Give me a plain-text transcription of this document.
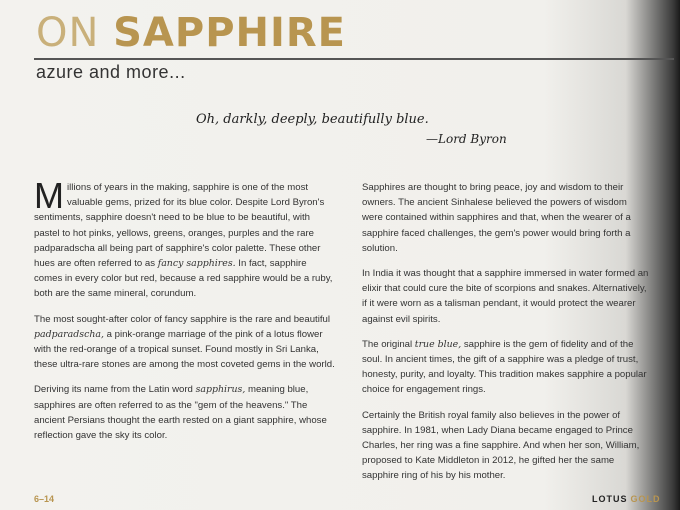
ON SAPPHIRE
azure and more...
Oh, darkly, deeply, beautifully blue.
—Lord Byron

Millions of years in the making, sapphire is one of the most valuable gems, prized for its blue color. Despite Lord Byron's sentiments, sapphire doesn't need to be blue to be beautiful, with pastel to hot pinks, yellows, greens, oranges, purples and the rare padparadscha all being part of sapphire's color palette. These other hues are often referred to as fancy sapphires. In fact, sapphire comes in every color but red, because a red sapphire would be a ruby, both are the same mineral, corundum.

The most sought-after color of fancy sapphire is the rare and beautiful padparadscha, a pink-orange marriage of the pink of a lotus flower with the red-orange of a tropical sunset. Found mostly in Sri Lanka, these ultra-rare stones are among the most coveted gems in the world.

Deriving its name from the Latin word sapphirus, meaning blue, sapphires are often referred to as the "gem of the heavens." The ancient Persians thought the earth rested on a giant sapphire, whose reflection gave the sky its color.

Sapphires are thought to bring peace, joy and wisdom to their owners. The ancient Sinhalese believed the powers of wisdom were contained within sapphires and that, when the wearer of a sapphire faced challenges, the gem's power would bring forth a solution.

In India it was thought that a sapphire immersed in water formed an elixir that could cure the bite of scorpions and snakes. Alternatively, if it were worn as a talisman pendant, it would protect the wearer against evil spirits.

The original true blue, sapphire is the gem of fidelity and of the soul. In ancient times, the gift of a sapphire was a pledge of trust, honesty, purity, and loyalty. This tradition makes sapphire a popular choice for engagement rings.

Certainly the British royal family also believes in the power of sapphire. In 1981, when Lady Diana became engaged to Prince Charles, her ring was a fine sapphire. And when her son, William, proposed to Kate Middleton in 2012, he gifted her the same sapphire ring of his by his mother.

6–14	LOTUS GOLD
